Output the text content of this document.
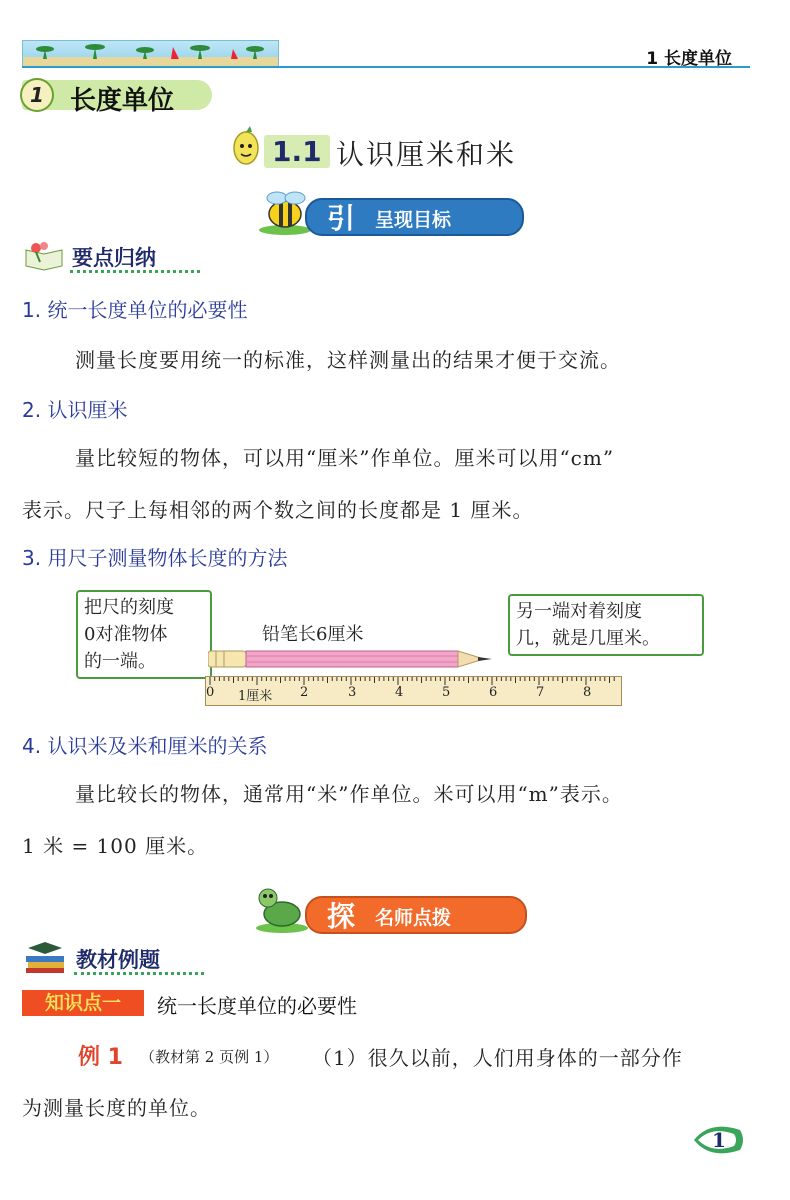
1 长度单位
1	长度单位
1.1 认识厘米和米
引 呈现目标
要点归纳
1. 统一长度单位的必要性
测量长度要用统一的标准，这样测量出的结果才便于交流。
2. 认识厘米
量比较短的物体，可以用“厘米”作单位。厘米可以用“cm”
表示。尺子上每相邻的两个数之间的长度都是 1 厘米。
3. 用尺子测量物体长度的方法
把尺的刻度
0对准物体
的一端。
另一端对着刻度
几，就是几厘米。
铅笔长6厘米
0 1厘米 2	3	4	5	6	7	8
4. 认识米及米和厘米的关系
量比较长的物体，通常用“米”作单位。米可以用“m”表示。
1 米 = 100 厘米。
探 名师点拨
教材例题
知识点一	统一长度单位的必要性
例 1 （教材第 2 页例 1） （1）很久以前，人们用身体的一部分作
为测量长度的单位。
1
